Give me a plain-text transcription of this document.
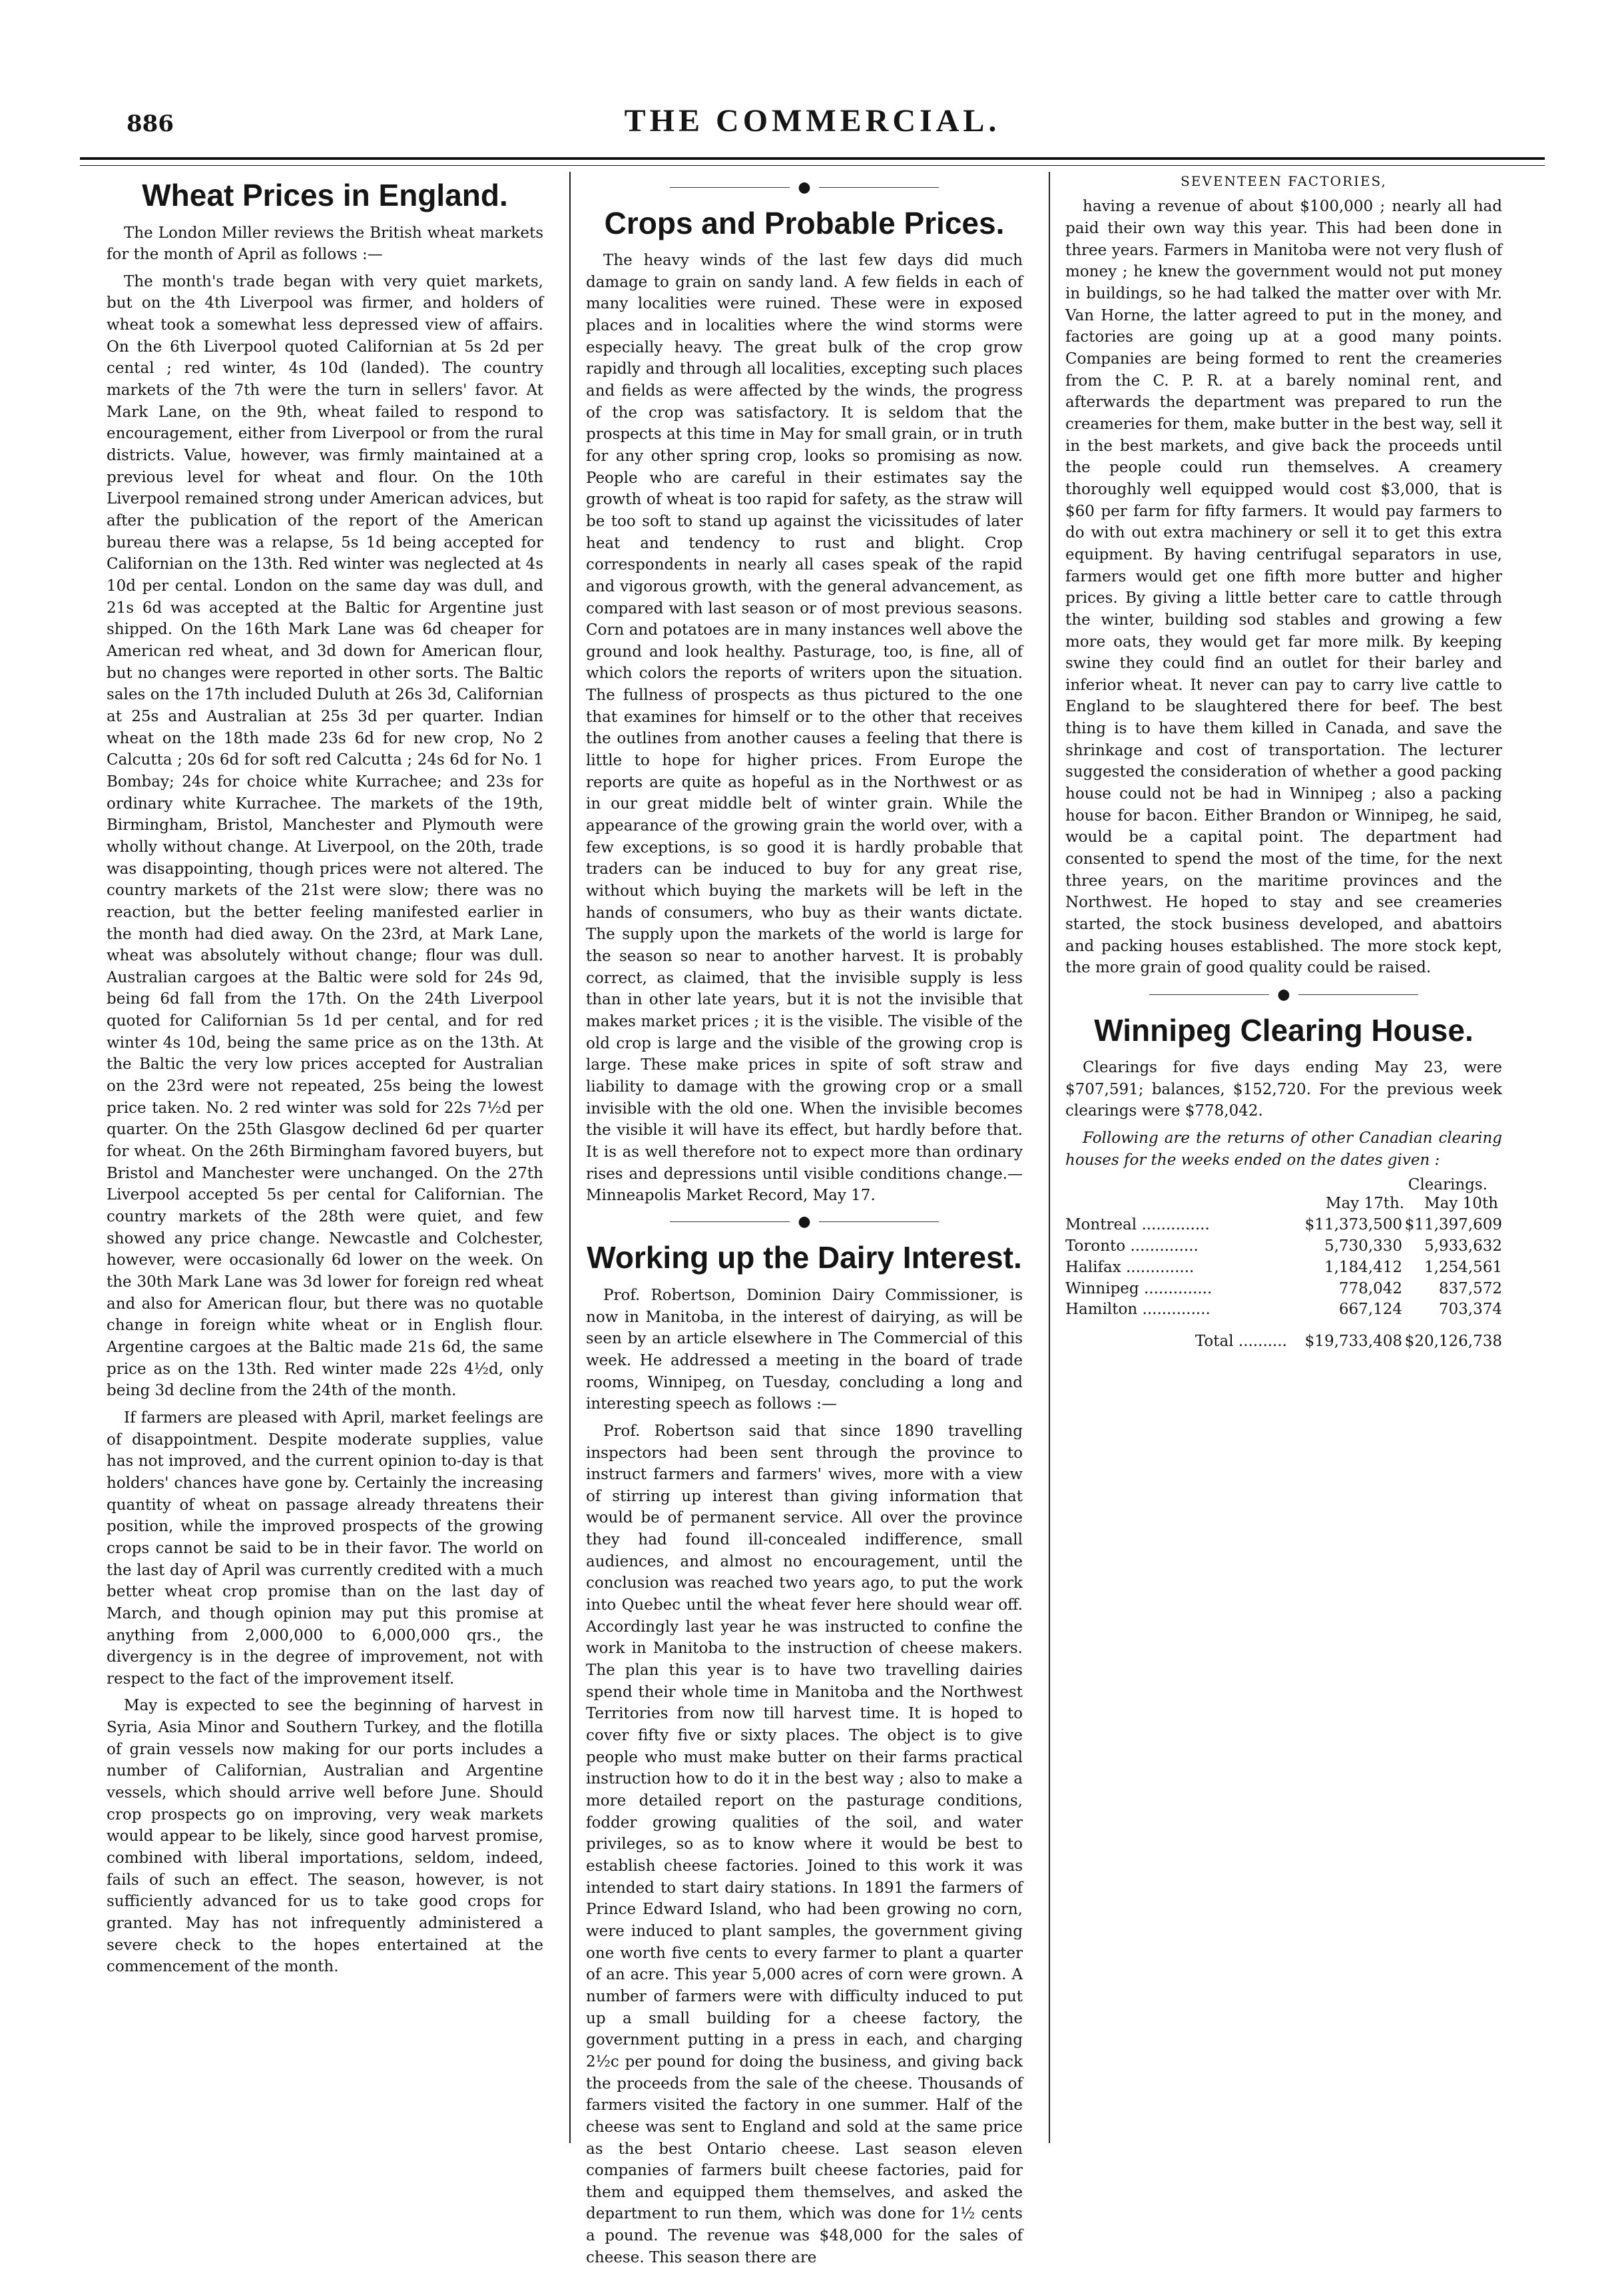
886	THE COMMERCIAL.
Wheat Prices in England.

The London Miller reviews the British wheat markets for the month of April as follows :—

The month's trade began with very quiet markets, but on the 4th Liverpool was firmer, and holders of wheat took a somewhat less depressed view of affairs. On the 6th Liverpool quoted Californian at 5s 2d per cental ; red winter, 4s 10d (landed). The country markets of the 7th were the turn in sellers' favor. At Mark Lane, on the 9th, wheat failed to respond to encouragement, either from Liverpool or from the rural districts. Value, however, was firmly maintained at a previous level for wheat and flour. On the 10th Liverpool remained strong under American advices, but after the publication of the report of the American bureau there was a relapse, 5s 1d being accepted for Californian on the 13th. Red winter was neglected at 4s 10d per cental. London on the same day was dull, and 21s 6d was accepted at the Baltic for Argentine just shipped. On the 16th Mark Lane was 6d cheaper for American red wheat, and 3d down for American flour, but no changes were reported in other sorts. The Baltic sales on the 17th included Duluth at 26s 3d, Californian at 25s and Australian at 25s 3d per quarter. Indian wheat on the 18th made 23s 6d for new crop, No 2 Calcutta ; 20s 6d for soft red Calcutta ; 24s 6d for No. 1 Bombay; 24s for choice white Kurrachee; and 23s for ordinary white Kurrachee. The markets of the 19th, Birmingham, Bristol, Manchester and Plymouth were wholly without change. At Liverpool, on the 20th, trade was disappointing, though prices were not altered. The country markets of the 21st were slow; there was no reaction, but the better feeling manifested earlier in the month had died away. On the 23rd, at Mark Lane, wheat was absolutely without change; flour was dull. Australian cargoes at the Baltic were sold for 24s 9d, being 6d fall from the 17th. On the 24th Liverpool quoted for Californian 5s 1d per cental, and for red winter 4s 10d, being the same price as on the 13th. At the Baltic the very low prices accepted for Australian on the 23rd were not repeated, 25s being the lowest price taken. No. 2 red winter was sold for 22s 7½d per quarter. On the 25th Glasgow declined 6d per quarter for wheat. On the 26th Birmingham favored buyers, but Bristol and Manchester were unchanged. On the 27th Liverpool accepted 5s per cental for Californian. The country markets of the 28th were quiet, and few showed any price change. Newcastle and Colchester, however, were occasionally 6d lower on the week. On the 30th Mark Lane was 3d lower for foreign red wheat and also for American flour, but there was no quotable change in foreign white wheat or in English flour. Argentine cargoes at the Baltic made 21s 6d, the same price as on the 13th. Red winter made 22s 4½d, only being 3d decline from the 24th of the month.

If farmers are pleased with April, market feelings are of disappointment. Despite moderate supplies, value has not improved, and the current opinion to-day is that holders' chances have gone by. Certainly the increasing quantity of wheat on passage already threatens their position, while the improved prospects of the growing crops cannot be said to be in their favor. The world on the last day of April was currently credited with a much better wheat crop promise than on the last day of March, and though opinion may put this promise at anything from 2,000,000 to 6,000,000 qrs., the divergency is in the degree of improvement, not with respect to the fact of the improvement itself.

May is expected to see the beginning of harvest in Syria, Asia Minor and Southern Turkey, and the flotilla of grain vessels now making for our ports includes a number of Californian, Australian and Argentine vessels, which should arrive well before June. Should crop prospects go on improving, very weak markets would appear to be likely, since good harvest promise, combined with liberal importations, seldom, indeed, fails of such an effect. The season, however, is not sufficiently advanced for us to take good crops for granted. May has not infrequently administered a severe check to the hopes entertained at the commencement of the month.

●
Crops and Probable Prices.

The heavy winds of the last few days did much damage to grain on sandy land. A few fields in each of many localities were ruined. These were in exposed places and in localities where the wind storms were especially heavy. The great bulk of the crop grow rapidly and through all localities, excepting such places and fields as were affected by the winds, the progress of the crop was satisfactory. It is seldom that the prospects at this time in May for small grain, or in truth for any other spring crop, looks so promising as now. People who are careful in their estimates say the growth of wheat is too rapid for safety, as the straw will be too soft to stand up against the vicissitudes of later heat and tendency to rust and blight. Crop correspondents in nearly all cases speak of the rapid and vigorous growth, with the general advancement, as compared with last season or of most previous seasons. Corn and potatoes are in many instances well above the ground and look healthy. Pasturage, too, is fine, all of which colors the reports of writers upon the situation. The fullness of prospects as thus pictured to the one that examines for himself or to the other that receives the outlines from another causes a feeling that there is little to hope for higher prices. From Europe the reports are quite as hopeful as in the Northwest or as in our great middle belt of winter grain. While the appearance of the growing grain the world over, with a few exceptions, is so good it is hardly probable that traders can be induced to buy for any great rise, without which buying the markets will be left in the hands of consumers, who buy as their wants dictate. The supply upon the markets of the world is large for the season so near to another harvest. It is probably correct, as claimed, that the invisible supply is less than in other late years, but it is not the invisible that makes market prices ; it is the visible. The visible of the old crop is large and the visible of the growing crop is large. These make prices in spite of soft straw and liability to damage with the growing crop or a small invisible with the old one. When the invisible becomes the visible it will have its effect, but hardly before that. It is as well therefore not to expect more than ordinary rises and depressions until visible conditions change.—Minneapolis Market Record, May 17.

●
Working up the Dairy Interest.

Prof. Robertson, Dominion Dairy Commissioner, is now in Manitoba, in the interest of dairying, as will be seen by an article elsewhere in The Commercial of this week. He addressed a meeting in the board of trade rooms, Winnipeg, on Tuesday, concluding a long and interesting speech as follows :—

Prof. Robertson said that since 1890 travelling inspectors had been sent through the province to instruct farmers and farmers' wives, more with a view of stirring up interest than giving information that would be of permanent service. All over the province they had found ill-concealed indifference, small audiences, and almost no encouragement, until the conclusion was reached two years ago, to put the work into Quebec until the wheat fever here should wear off. Accordingly last year he was instructed to confine the work in Manitoba to the instruction of cheese makers. The plan this year is to have two travelling dairies spend their whole time in Manitoba and the Northwest Territories from now till harvest time. It is hoped to cover fifty five or sixty places. The object is to give people who must make butter on their farms practical instruction how to do it in the best way ; also to make a more detailed report on the pasturage conditions, fodder growing qualities of the soil, and water privileges, so as to know where it would be best to establish cheese factories. Joined to this work it was intended to start dairy stations. In 1891 the farmers of Prince Edward Island, who had been growing no corn, were induced to plant samples, the government giving one worth five cents to every farmer to plant a quarter of an acre. This year 5,000 acres of corn were grown. A number of farmers were with difficulty induced to put up a small building for a cheese factory, the government putting in a press in each, and charging 2½c per pound for doing the business, and giving back the proceeds from the sale of the cheese. Thousands of farmers visited the factory in one summer. Half of the cheese was sent to England and sold at the same price as the best Ontario cheese. Last season eleven companies of farmers built cheese factories, paid for them and equipped them themselves, and asked the department to run them, which was done for 1½ cents a pound. The revenue was $48,000 for the sales of cheese. This season there are

SEVENTEEN FACTORIES,

having a revenue of about $100,000 ; nearly all had paid their own way this year. This had been done in three years. Farmers in Manitoba were not very flush of money ; he knew the government would not put money in buildings, so he had talked the matter over with Mr. Van Horne, the latter agreed to put in the money, and factories are going up at a good many points. Companies are being formed to rent the creameries from the C. P. R. at a barely nominal rent, and afterwards the department was prepared to run the creameries for them, make butter in the best way, sell it in the best markets, and give back the proceeds until the people could run themselves. A creamery thoroughly well equipped would cost $3,000, that is $60 per farm for fifty farmers. It would pay farmers to do with out extra machinery or sell it to get this extra equipment. By having centrifugal separators in use, farmers would get one fifth more butter and higher prices. By giving a little better care to cattle through the winter, building sod stables and growing a few more oats, they would get far more milk. By keeping swine they could find an outlet for their barley and inferior wheat. It never can pay to carry live cattle to England to be slaughtered there for beef. The best thing is to have them killed in Canada, and save the shrinkage and cost of transportation. The lecturer suggested the consideration of whether a good packing house could not be had in Winnipeg ; also a packing house for bacon. Either Brandon or Winnipeg, he said, would be a capital point. The department had consented to spend the most of the time, for the next three years, on the maritime provinces and the Northwest. He hoped to stay and see creameries started, the stock business developed, and abattoirs and packing houses established. The more stock kept, the more grain of good quality could be raised.

●
Winnipeg Clearing House.

Clearings for five days ending May 23, were $707,591; balances, $152,720. For the previous week clearings were $778,042.

Following are the returns of other Canadian clearing houses for the weeks ended on the dates given :

Clearings.
May 17th. May 10th
Montreal ..............	$11,373,500 $11,397,609
Toronto ..............	5,730,330	5,933,632
Halifax ..............	1,184,412	1,254,561
Winnipeg ..............	778,042	837,572
Hamilton ..............	667,124	703,374
Total ..........	$19,733,408 $20,126,738
